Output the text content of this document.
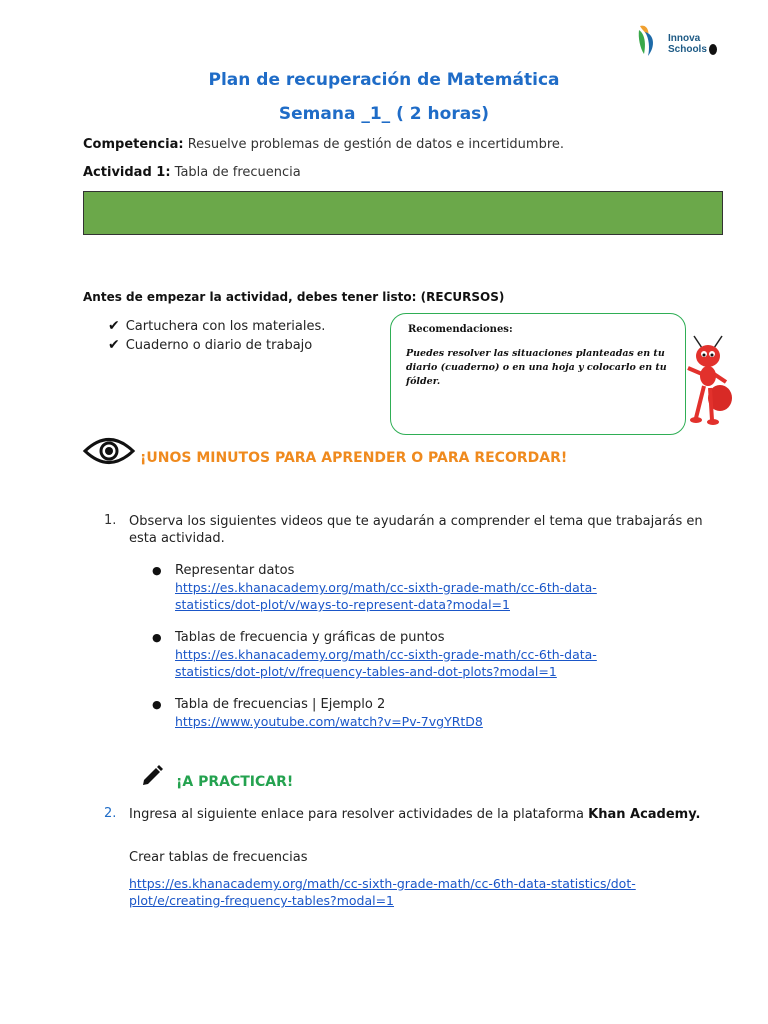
Innova
Schools
Plan de recuperación de Matemática
Semana _1_ ( 2 horas)
Competencia: Resuelve problemas de gestión de datos e incertidumbre.
Actividad 1: Tabla de frecuencia
Antes de empezar la actividad, debes tener listo: (RECURSOS)
✔ Cartuchera con los materiales.
✔ Cuaderno o diario de trabajo
Recomendaciones:
Puedes resolver las situaciones planteadas en tu diario (cuaderno) o en una hoja y colocarlo en tu fólder.
¡UNOS MINUTOS PARA APRENDER O PARA RECORDAR!
1. Observa los siguientes videos que te ayudarán a comprender el tema que trabajarás en esta actividad.
● Representar datos
https://es.khanacademy.org/math/cc-sixth-grade-math/cc-6th-data-
statistics/dot-plot/v/ways-to-represent-data?modal=1
● Tablas de frecuencia y gráficas de puntos
https://es.khanacademy.org/math/cc-sixth-grade-math/cc-6th-data-
statistics/dot-plot/v/frequency-tables-and-dot-plots?modal=1
● Tabla de frecuencias | Ejemplo 2
https://www.youtube.com/watch?v=Pv-7vgYRtD8
¡A PRACTICAR!
2. Ingresa al siguiente enlace para resolver actividades de la plataforma Khan Academy.
Crear tablas de frecuencias
https://es.khanacademy.org/math/cc-sixth-grade-math/cc-6th-data-statistics/dot-
plot/e/creating-frequency-tables?modal=1
